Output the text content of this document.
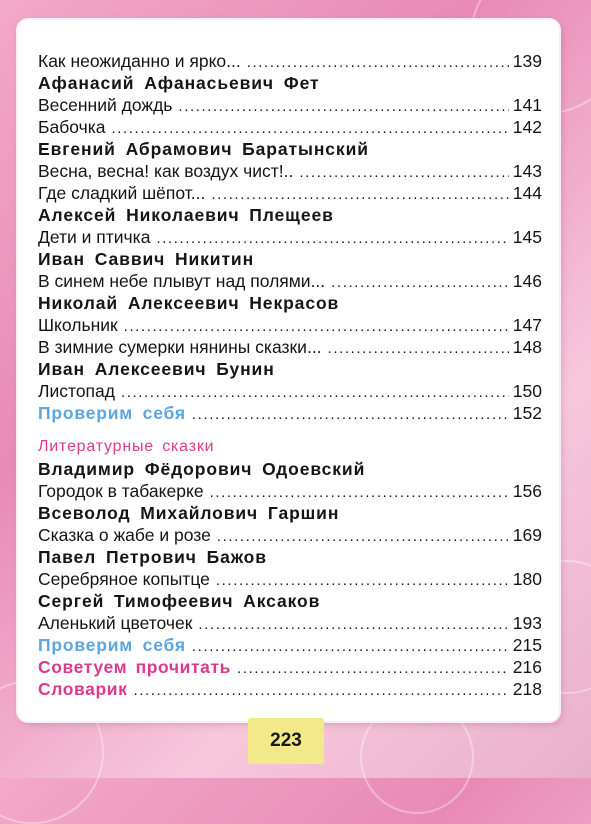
Как неожиданно и ярко... .....	139
Афанасий Афанасьевич Фет
Весенний дождь .....	141
Бабочка .....	142
Евгений Абрамович Баратынский
Весна, весна! как воздух чист!.. .....	143
Где сладкий шёпот... .....	144
Алексей Николаевич Плещеев
Дети и птичка .....	145
Иван Саввич Никитин
В синем небе плывут над полями... .....	146
Николай Алексеевич Некрасов
Школьник .....	147
В зимние сумерки нянины сказки... .....	148
Иван Алексеевич Бунин
Листопад .....	150
Проверим себя .....	152
Литературные сказки
Владимир Фёдорович Одоевский
Городок в табакерке .....	156
Всеволод Михайлович Гаршин
Сказка о жабе и розе .....	169
Павел Петрович Бажов
Серебряное копытце .....	180
Сергей Тимофеевич Аксаков
Аленький цветочек .....	193
Проверим себя .....	215
Советуем прочитать .....	216
Словарик .....	218
223
